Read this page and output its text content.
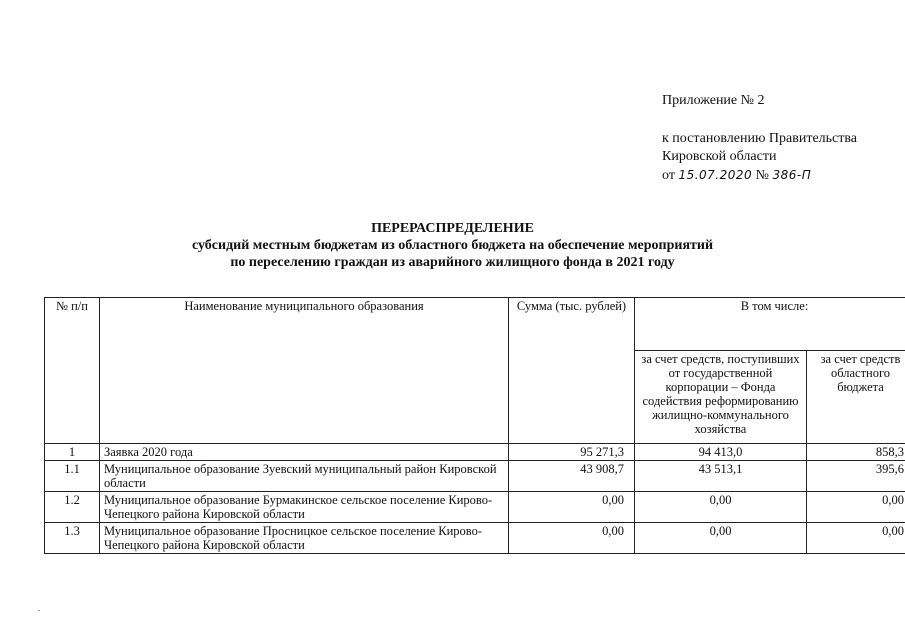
Приложение № 2
к постановлению Правительства
Кировской области
от 15.07.2020 № 386-П
ПЕРЕРАСПРЕДЕЛЕНИЕ
субсидий местным бюджетам из областного бюджета на обеспечение мероприятий
по переселению граждан из аварийного жилищного фонда в 2021 году
№ п/п	Наименование муниципального образования	Сумма (тыс. рублей)	В том числе:	
			за счет средств, поступивших от государственной корпорации – Фонда содействия реформированию жилищно-коммунального хозяйства	за счет средств областного бюджета
1	Заявка 2020 года	95 271,3	94 413,0	858,3
1.1	Муниципальное образование Зуевский муниципальный район Кировской области	43 908,7	43 513,1	395,6
1.2	Муниципальное образование Бурмакинское сельское поселение Кирово-Чепецкого района Кировской области	0,00	0,00	0,00
1.3	Муниципальное образование Просницкое сельское поселение Кирово-Чепецкого района Кировской области	0,00	0,00	0,00
